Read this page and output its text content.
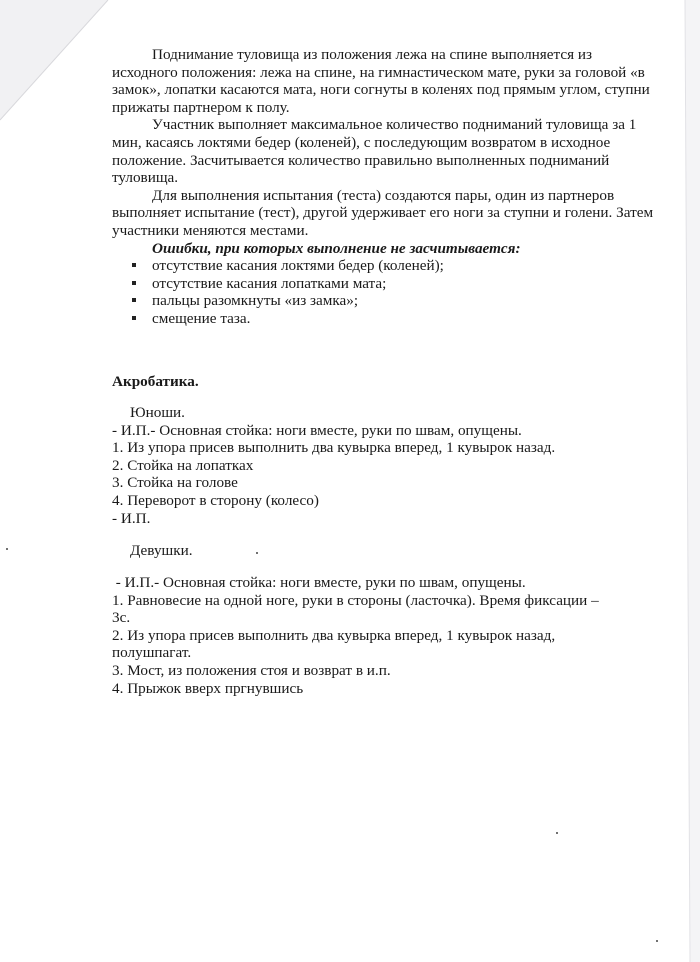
Поднимание туловища из положения лежа на спине выполняется из исходного положения: лежа на спине, на гимнастическом мате, руки за головой «в замок», лопатки касаются мата, ноги согнуты в коленях под прямым углом, ступни прижаты партнером к полу.

Участник выполняет максимальное количество подниманий туловища за 1 мин, касаясь локтями бедер (коленей), с последующим возвратом в исходное положение. Засчитывается количество правильно выполненных подниманий туловища.

Для выполнения испытания (теста) создаются пары, один из партнеров выполняет испытание (тест), другой удерживает его ноги за ступни и голени. Затем участники меняются местами.

Ошибки, при которых выполнение не засчитывается:

отсутствие касания локтями бедер (коленей);
отсутствие касания лопатками мата;
пальцы разомкнуты «из замка»;
смещение таза.

Акробатика.

Юноши.
- И.П.- Основная стойка: ноги вместе, руки по швам, опущены.
1. Из упора присев выполнить два кувырка вперед, 1 кувырок назад.
2. Стойка на лопатках
3. Стойка на голове
4. Переворот в сторону (колесо)
- И.П.
Девушки.
- И.П.- Основная стойка: ноги вместе, руки по швам, опущены.
1. Равновесие на одной ноге, руки в стороны (ласточка). Время фиксации –
3с.
2. Из упора присев выполнить два кувырка вперед, 1 кувырок назад,
полушпагат.
3. Мост, из положения стоя и возврат в и.п.
4. Прыжок вверх пргнувшись
